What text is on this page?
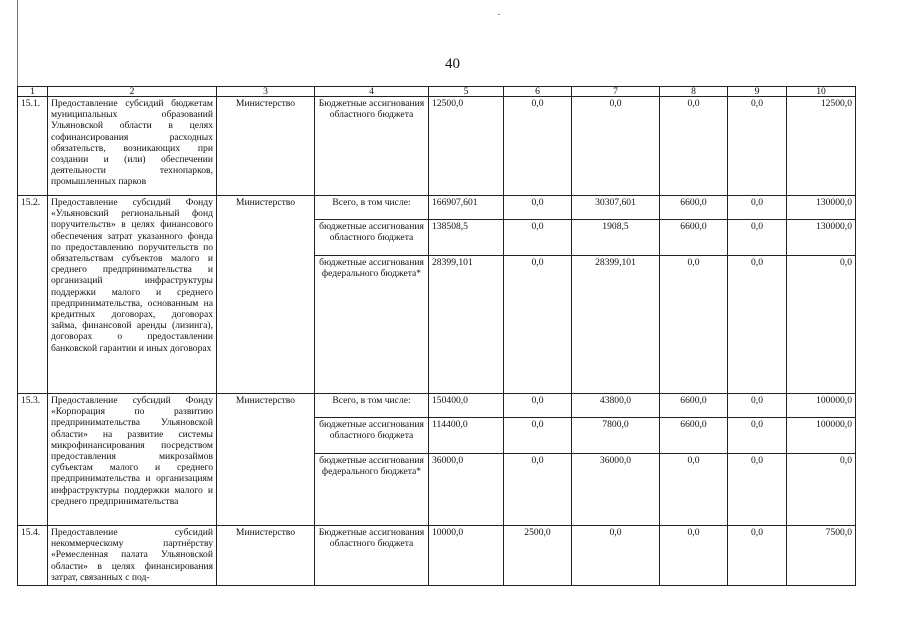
40
1	2	3	4	5	6	7	8	9	10
15.1.	Предоставление субсидий бюджетам муниципальных образований Ульяновской области в целях софинансирования расходных обязательств, возникающих при создании и (или) обеспечении деятельности технопарков, промышленных парков	Министерство	Бюджетные ассигнования областного бюджета	12500,0	0,0	0,0	0,0	0,0	12500,0
15.2.	Предоставление субсидий Фонду «Ульяновский региональный фонд поручительств» в целях финансового обеспечения затрат указанного фонда по предоставлению поручительств по обязательствам субъектов малого и среднего предпринимательства и организаций инфраструктуры поддержки малого и среднего предпринимательства, основанным на кредитных договорах, договорах займа, финансовой аренды (лизинга), договорах о предоставлении банковской гарантии и иных договорах	Министерство	Всего, в том числе:	166907,601	0,0	30307,601	6600,0	0,0	130000,0
			бюджетные ассигнования областного бюджета	138508,5	0,0	1908,5	6600,0	0,0	130000,0
			бюджетные ассигнования федерального бюджета*	28399,101	0,0	28399,101	0,0	0,0	0,0
15.3.	Предоставление субсидий Фонду «Корпорация по развитию предпринимательства Ульяновской области» на развитие системы микрофинансирования посредством предоставления микрозаймов субъектам малого и среднего предпринимательства и организациям инфраструктуры поддержки малого и среднего предпринимательства	Министерство	Всего, в том числе:	150400,0	0,0	43800,0	6600,0	0,0	100000,0
			бюджетные ассигнования областного бюджета	114400,0	0,0	7800,0	6600,0	0,0	100000,0
			бюджетные ассигнования федерального бюджета*	36000,0	0,0	36000,0	0,0	0,0	0,0
15.4.	Предоставление субсидий некоммерческому партнёрству «Ремесленная палата Ульяновской области» в целях финансирования затрат, связанных с под-	Министерство	Бюджетные ассигнования областного бюджета	10000,0	2500,0	0,0	0,0	0,0	7500,0
